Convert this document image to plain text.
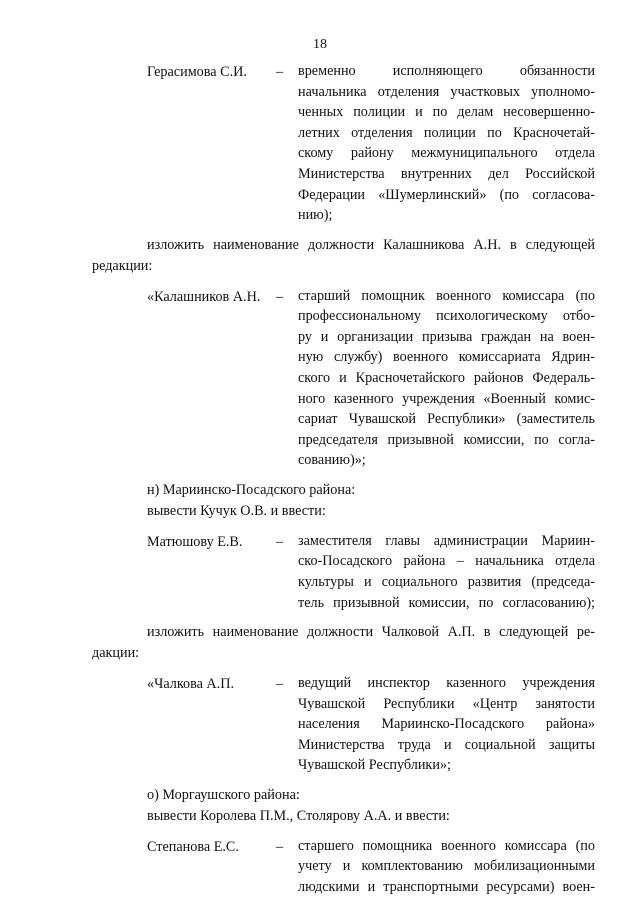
18
Герасимова С.И. – временно исполняющего обязанности
начальника отделения участковых уполномо-
ченных полиции и по делам несовершенно-
летних отделения полиции по Красночетай-
скому району межмуниципального отдела
Министерства внутренних дел Российской
Федерации «Шумерлинский» (по согласова-
нию);
изложить наименование должности Калашникова А.Н. в следующей
редакции:
«Калашников А.Н. – старший помощник военного комиссара (по
профессиональному психологическому отбо-
ру и организации призыва граждан на воен-
ную службу) военного комиссариата Ядрин-
ского и Красночетайского районов Федераль-
ного казенного учреждения «Военный комис-
сариат Чувашской Республики» (заместитель
председателя призывной комиссии, по согла-
сованию)»;
н) Мариинско-Посадского района:
вывести Кучук О.В. и ввести:
Матюшову Е.В. – заместителя главы администрации Мариин-
ско-Посадского района – начальника отдела
культуры и социального развития (председа-
тель призывной комиссии, по согласованию);
изложить наименование должности Чалковой А.П. в следующей ре-
дакции:
«Чалкова А.П.	– ведущий инспектор казенного учреждения
Чувашской Республики «Центр занятости
населения Мариинско-Посадского района»
Министерства труда и социальной защиты
Чувашской Республики»;
о) Моргаушского района:
вывести Королева П.М., Столярову А.А. и ввести:
Степанова Е.С.	– старшего помощника военного комиссара (по
учету и комплектованию мобилизационными
людскими и транспортными ресурсами) воен-
